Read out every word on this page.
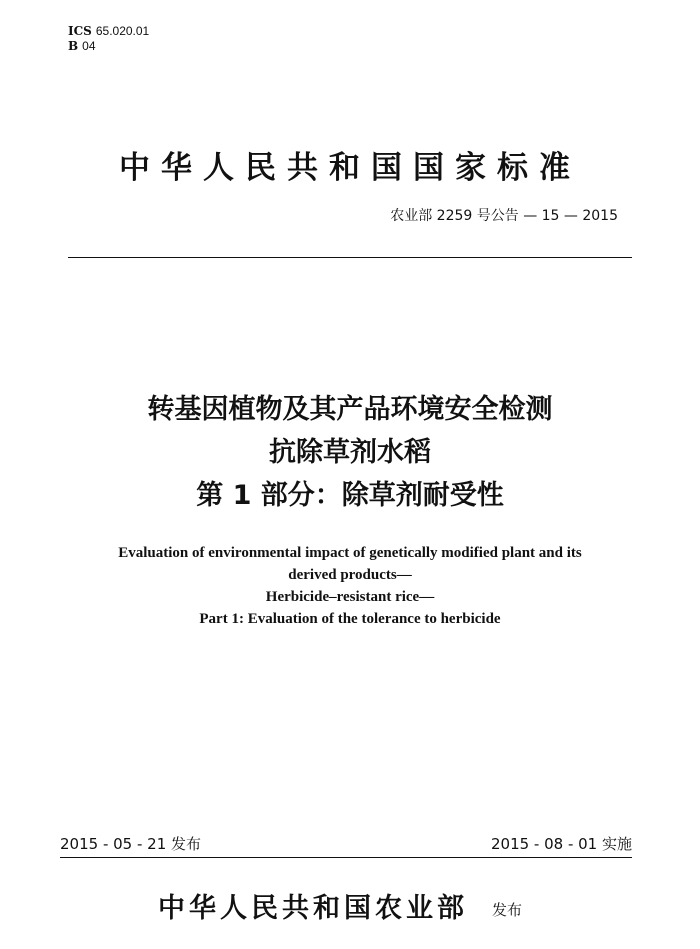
ICS 65.020.01
B 04
中华人民共和国国家标准
农业部 2259 号公告 — 15 — 2015
转基因植物及其产品环境安全检测
抗除草剂水稻
第 1 部分：除草剂耐受性
Evaluation of environmental impact of genetically modified plant and its
derived products—
Herbicide–resistant rice—
Part 1: Evaluation of the tolerance to herbicide
2015 - 05 - 21 发布	2015 - 08 - 01 实施
中华人民共和国农业部 发布
